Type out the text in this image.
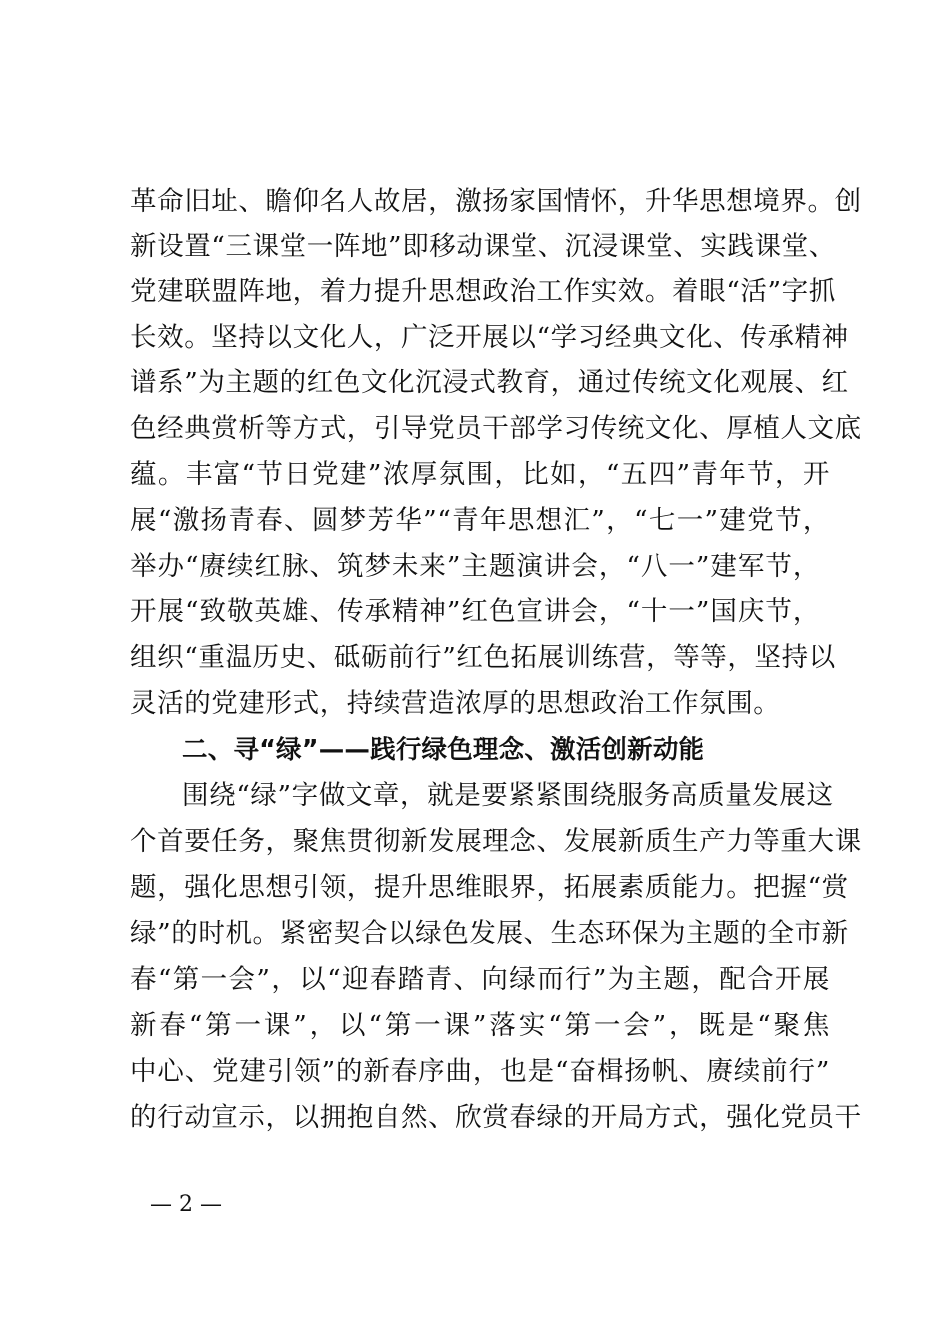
革命旧址、瞻仰名人故居，激扬家国情怀，升华思想境界。创
新设置“三课堂一阵地”即移动课堂、沉浸课堂、实践课堂、
党建联盟阵地，着力提升思想政治工作实效。着眼“活”字抓
长效。坚持以文化人，广泛开展以“学习经典文化、传承精神
谱系”为主题的红色文化沉浸式教育，通过传统文化观展、红
色经典赏析等方式，引导党员干部学习传统文化、厚植人文底
蕴。丰富“节日党建”浓厚氛围，比如，“五四”青年节，开
展“激扬青春、圆梦芳华”“青年思想汇”，“七一”建党节，
举办“赓续红脉、筑梦未来”主题演讲会，“八一”建军节，
开展“致敬英雄、传承精神”红色宣讲会，“十一”国庆节，
组织“重温历史、砥砺前行”红色拓展训练营，等等，坚持以
灵活的党建形式，持续营造浓厚的思想政治工作氛围。
二、寻“绿”——践行绿色理念、激活创新动能
围绕“绿”字做文章，就是要紧紧围绕服务高质量发展这
个首要任务，聚焦贯彻新发展理念、发展新质生产力等重大课
题，强化思想引领，提升思维眼界，拓展素质能力。把握“赏
绿”的时机。紧密契合以绿色发展、生态环保为主题的全市新
春“第一会”，以“迎春踏青、向绿而行”为主题，配合开展
新春“第一课”，以“第一课”落实“第一会”，既是“聚焦
中心、党建引领”的新春序曲，也是“奋楫扬帆、赓续前行”
的行动宣示，以拥抱自然、欣赏春绿的开局方式，强化党员干
— 2 —
